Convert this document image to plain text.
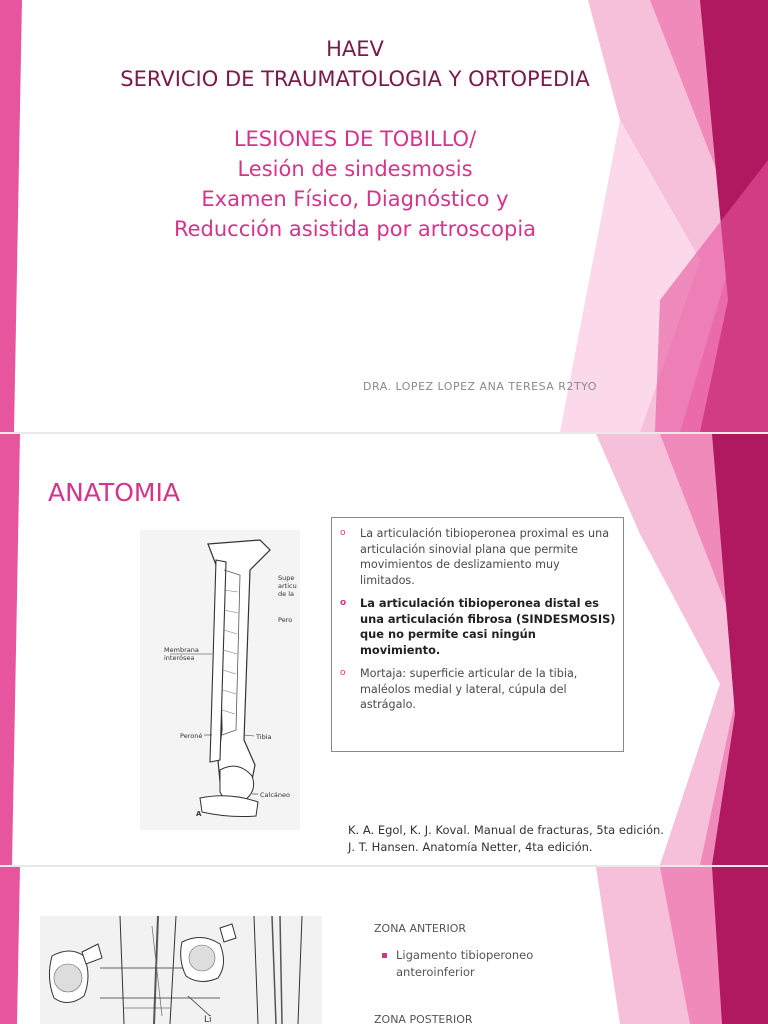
HAEV
SERVICIO DE TRAUMATOLOGIA Y ORTOPEDIA
LESIONES DE TOBILLO/
Lesión de sindesmosis
Examen Físico, Diagnóstico y
Reducción asistida por artroscopia
DRA. LOPEZ LOPEZ ANA TERESA R2TYO
ANATOMIA
Supe
articu
de la
Pero
Membrana
interósea
Peroné	Tibia
Calcáneo
A
o La articulación tibioperonea proximal es una articulación sinovial plana que permite movimientos de deslizamiento muy limitados.
o La articulación tibioperonea distal es una articulación fibrosa (SINDESMOSIS) que no permite casi ningún movimiento.
o Mortaja: superficie articular de la tibia, maléolos medial y lateral, cúpula del astrágalo.
K. A. Egol, K. J. Koval. Manual de fracturas, 5ta edición.
J. T. Hansen. Anatomía Netter, 4ta edición.
Li
ZONA ANTERIOR
Ligamento tibioperoneo anteroinferior
ZONA POSTERIOR
